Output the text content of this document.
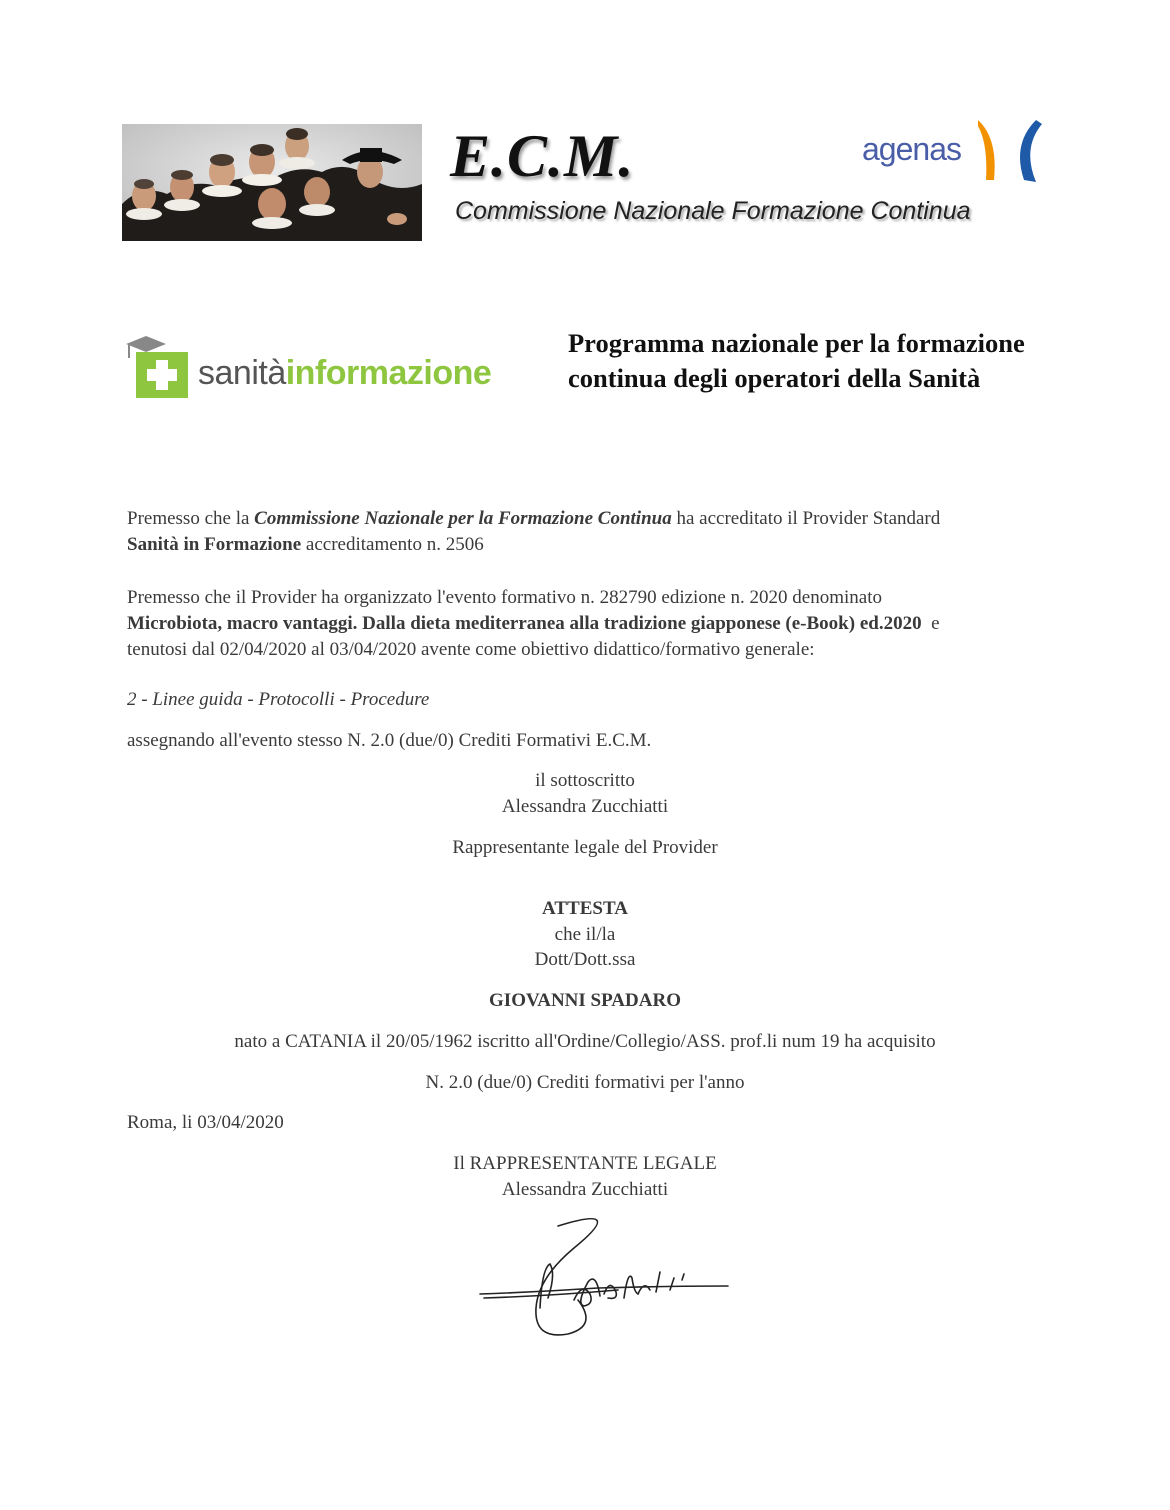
E.C.M.
Commissione Nazionale Formazione Continua
agenas
sanitàinformazione
Programma nazionale per la formazione continua degli operatori della Sanità
Premesso che la Commissione Nazionale per la Formazione Continua ha accreditato il Provider Standard
Sanità in Formazione accreditamento n. 2506
Premesso che il Provider ha organizzato l'evento formativo n. 282790 edizione n. 2020 denominato
Microbiota, macro vantaggi. Dalla dieta mediterranea alla tradizione giapponese (e-Book) ed.2020  e
tenutosi dal 02/04/2020 al 03/04/2020 avente come obiettivo didattico/formativo generale:
2 - Linee guida - Protocolli - Procedure
assegnando all'evento stesso N. 2.0 (due/0) Crediti Formativi E.C.M.
il sottoscritto
Alessandra Zucchiatti
Rappresentante legale del Provider
ATTESTA
che il/la
Dott/Dott.ssa
GIOVANNI SPADARO
nato a CATANIA il 20/05/1962 iscritto all'Ordine/Collegio/ASS. prof.li num 19 ha acquisito
N. 2.0 (due/0) Crediti formativi per l'anno
Roma, li 03/04/2020
Il RAPPRESENTANTE LEGALE
Alessandra Zucchiatti
